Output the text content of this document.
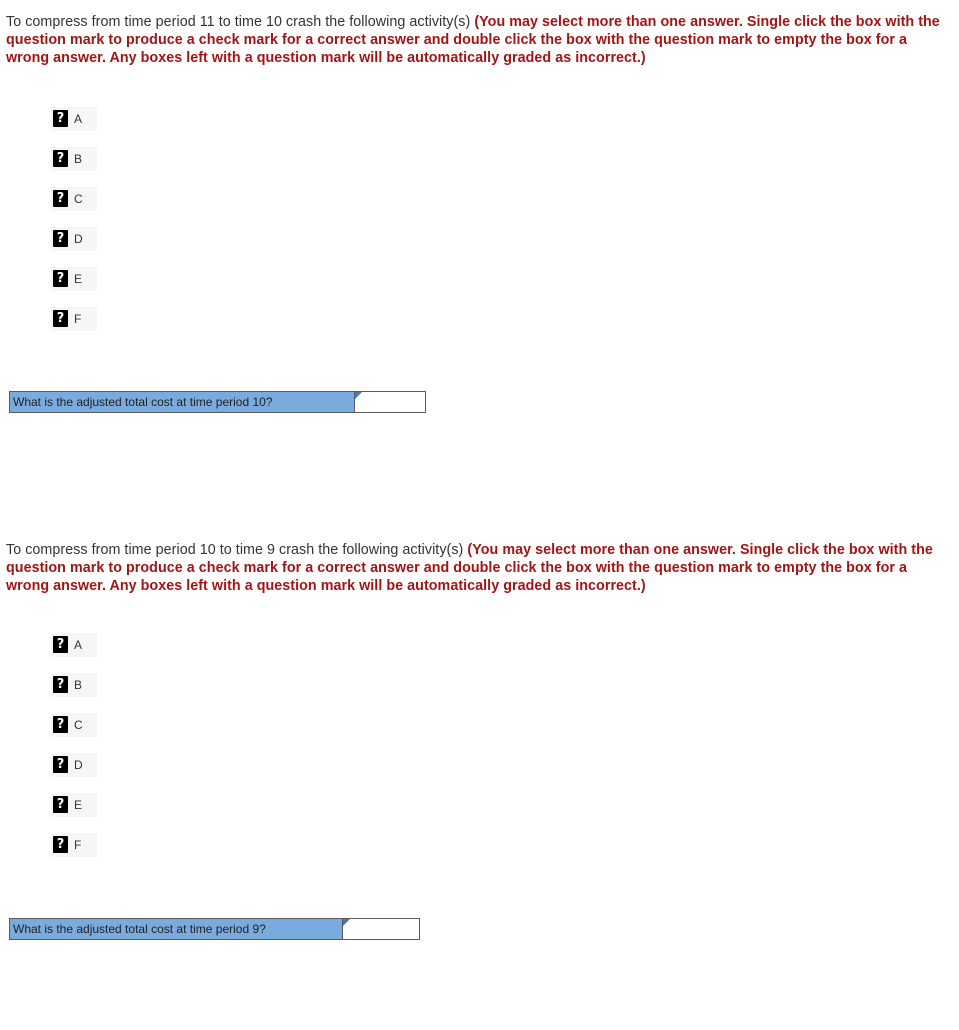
To compress from time period 11 to time 10 crash the following activity(s) (You may select more than one answer. Single click the box with the question mark to produce a check mark for a correct answer and double click the box with the question mark to empty the box for a wrong answer. Any boxes left with a question mark will be automatically graded as incorrect.)
? A
? B
? C
? D
? E
? F
What is the adjusted total cost at time period 10?
To compress from time period 10 to time 9 crash the following activity(s) (You may select more than one answer. Single click the box with the question mark to produce a check mark for a correct answer and double click the box with the question mark to empty the box for a wrong answer. Any boxes left with a question mark will be automatically graded as incorrect.)
? A
? B
? C
? D
? E
? F
What is the adjusted total cost at time period 9?
